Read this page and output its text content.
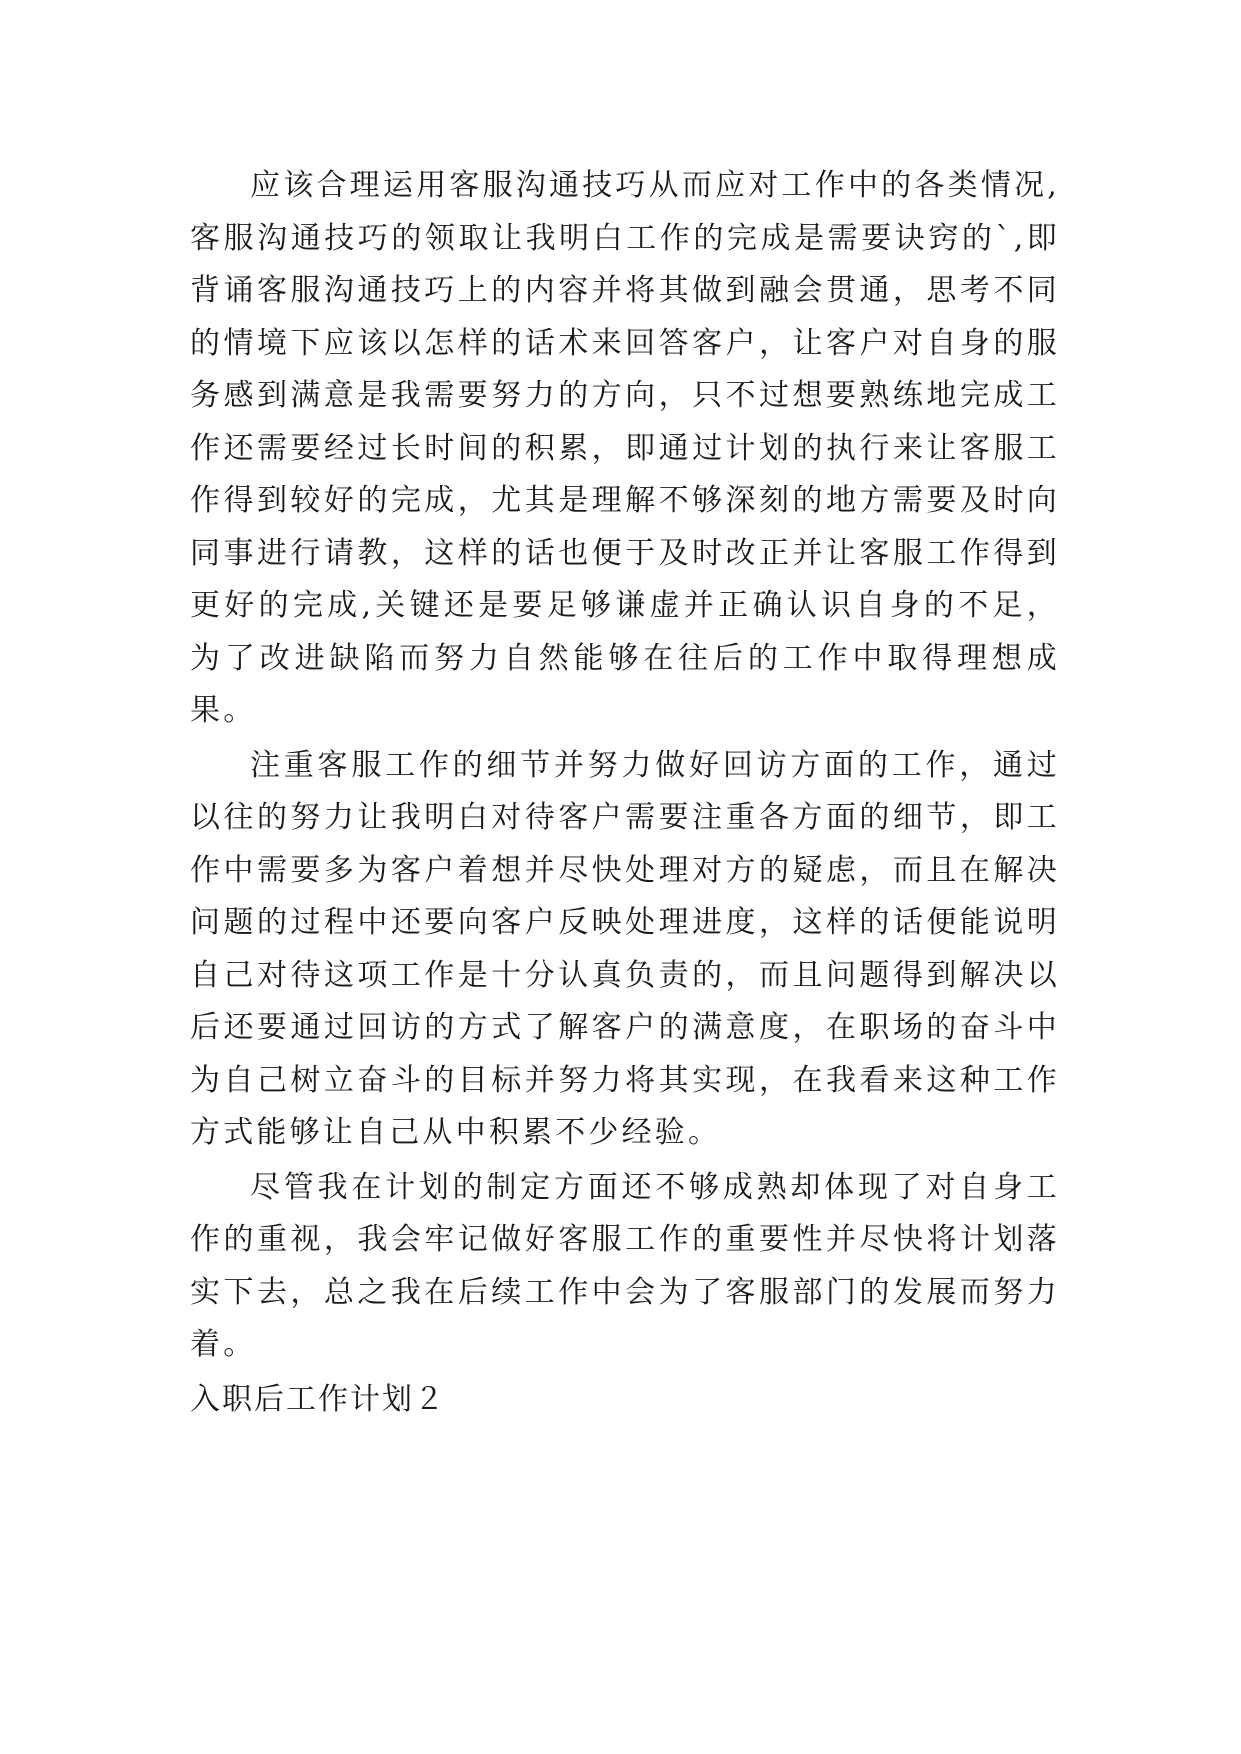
应该合理运用客服沟通技巧从而应对工作中的各类情况,客服沟通技巧的领取让我明白工作的完成是需要诀窍的`,即背诵客服沟通技巧上的内容并将其做到融会贯通，思考不同的情境下应该以怎样的话术来回答客户，让客户对自身的服务感到满意是我需要努力的方向，只不过想要熟练地完成工作还需要经过长时间的积累，即通过计划的执行来让客服工作得到较好的完成，尤其是理解不够深刻的地方需要及时向同事进行请教，这样的话也便于及时改正并让客服工作得到更好的完成,关键还是要足够谦虚并正确认识自身的不足，为了改进缺陷而努力自然能够在往后的工作中取得理想成果。

注重客服工作的细节并努力做好回访方面的工作，通过以往的努力让我明白对待客户需要注重各方面的细节，即工作中需要多为客户着想并尽快处理对方的疑虑，而且在解决问题的过程中还要向客户反映处理进度，这样的话便能说明自己对待这项工作是十分认真负责的，而且问题得到解决以后还要通过回访的方式了解客户的满意度，在职场的奋斗中为自己树立奋斗的目标并努力将其实现，在我看来这种工作方式能够让自己从中积累不少经验。

尽管我在计划的制定方面还不够成熟却体现了对自身工作的重视，我会牢记做好客服工作的重要性并尽快将计划落实下去，总之我在后续工作中会为了客服部门的发展而努力着。

入职后工作计划２
